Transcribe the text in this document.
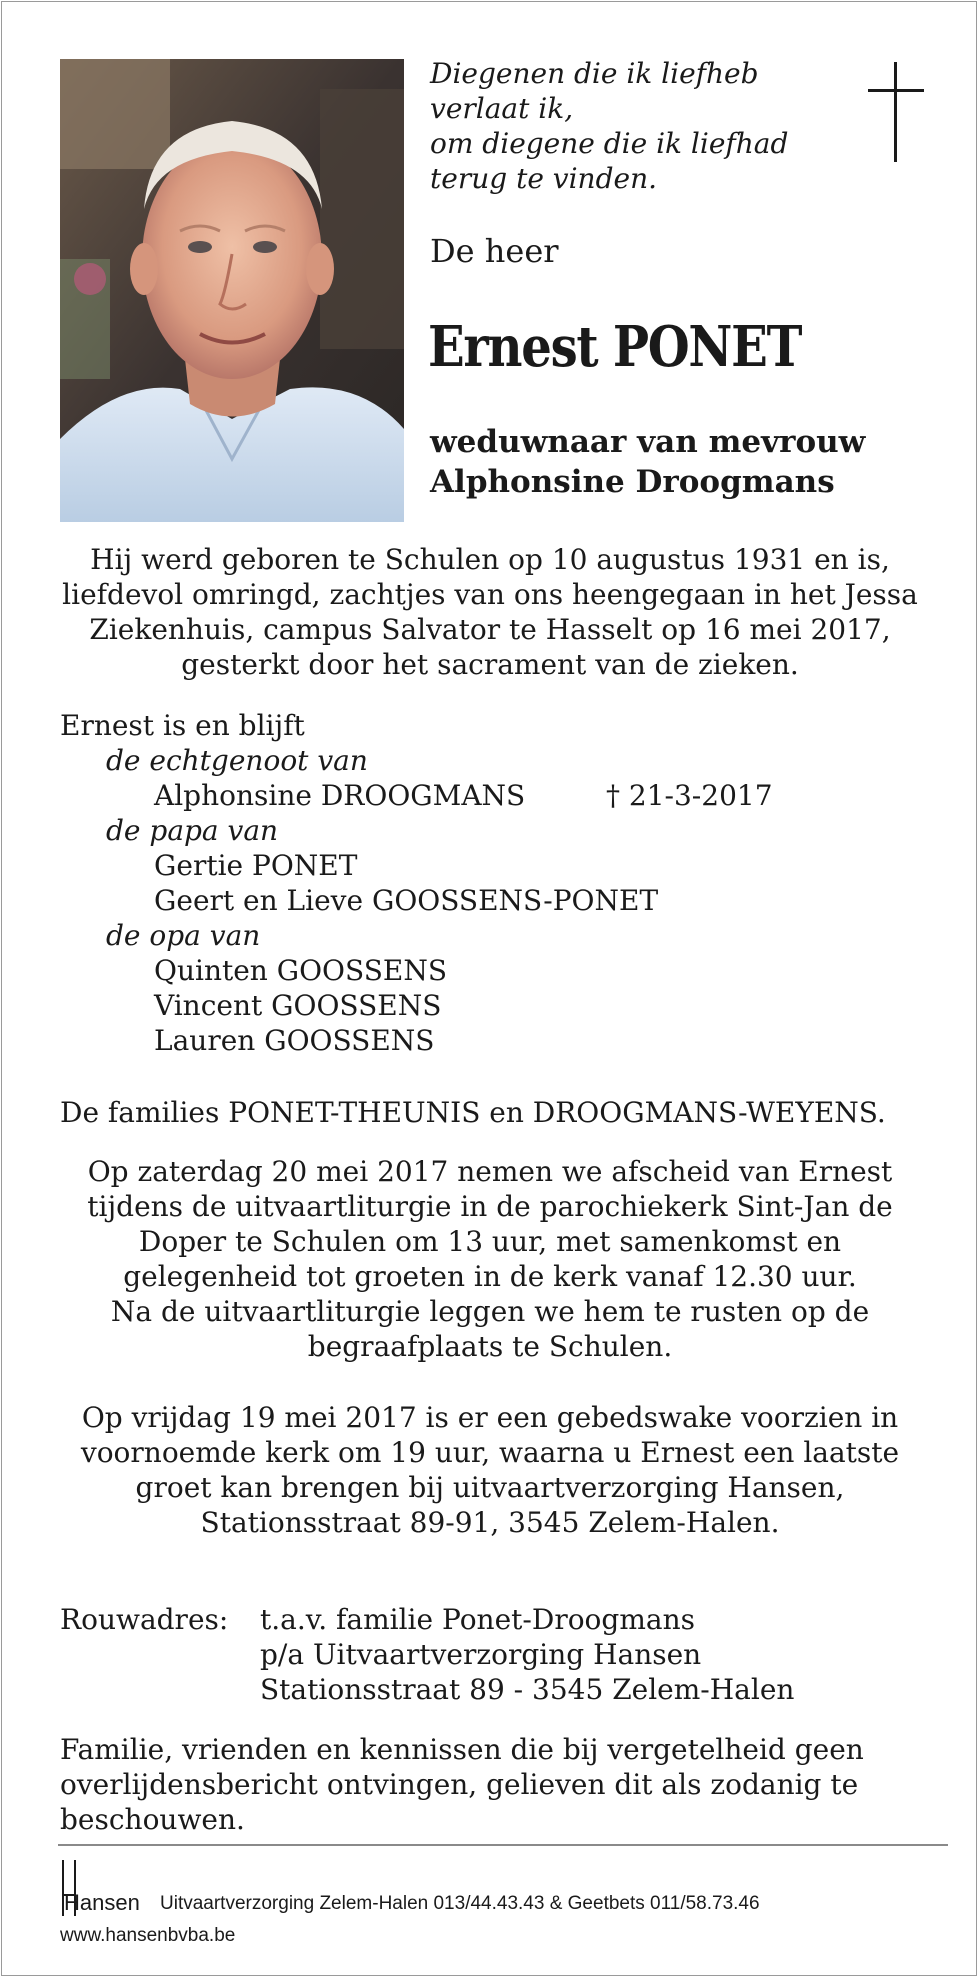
Diegenen die ik liefheb
verlaat ik,
om diegene die ik liefhad
terug te vinden.
De heer
Ernest PONET
weduwnaar van mevrouw
Alphonsine Droogmans
Hij werd geboren te Schulen op 10 augustus 1931 en is,
liefdevol omringd, zachtjes van ons heengegaan in het Jessa
Ziekenhuis, campus Salvator te Hasselt op 16 mei 2017,
gesterkt door het sacrament van de zieken.
Ernest is en blijft
de echtgenoot van
Alphonsine DROOGMANS	† 21-3-2017
de papa van
Gertie PONET
Geert en Lieve GOOSSENS-PONET
de opa van
Quinten GOOSSENS
Vincent GOOSSENS
Lauren GOOSSENS
De families PONET-THEUNIS en DROOGMANS-WEYENS.
Op zaterdag 20 mei 2017 nemen we afscheid van Ernest
tijdens de uitvaartliturgie in de parochiekerk Sint-Jan de
Doper te Schulen om 13 uur, met samenkomst en
gelegenheid tot groeten in de kerk vanaf 12.30 uur.
Na de uitvaartliturgie leggen we hem te rusten op de
begraafplaats te Schulen.
Op vrijdag 19 mei 2017 is er een gebedswake voorzien in
voornoemde kerk om 19 uur, waarna u Ernest een laatste
groet kan brengen bij uitvaartverzorging Hansen,
Stationsstraat 89-91, 3545 Zelem-Halen.
Rouwadres: t.a.v. familie Ponet-Droogmans
p/a Uitvaartverzorging Hansen
Stationsstraat 89 - 3545 Zelem-Halen
Familie, vrienden en kennissen die bij vergetelheid geen
overlijdensbericht ontvingen, gelieven dit als zodanig te
beschouwen.
Hansen Uitvaartverzorging Zelem-Halen 013/44.43.43 & Geetbets 011/58.73.46
www.hansenbvba.be
